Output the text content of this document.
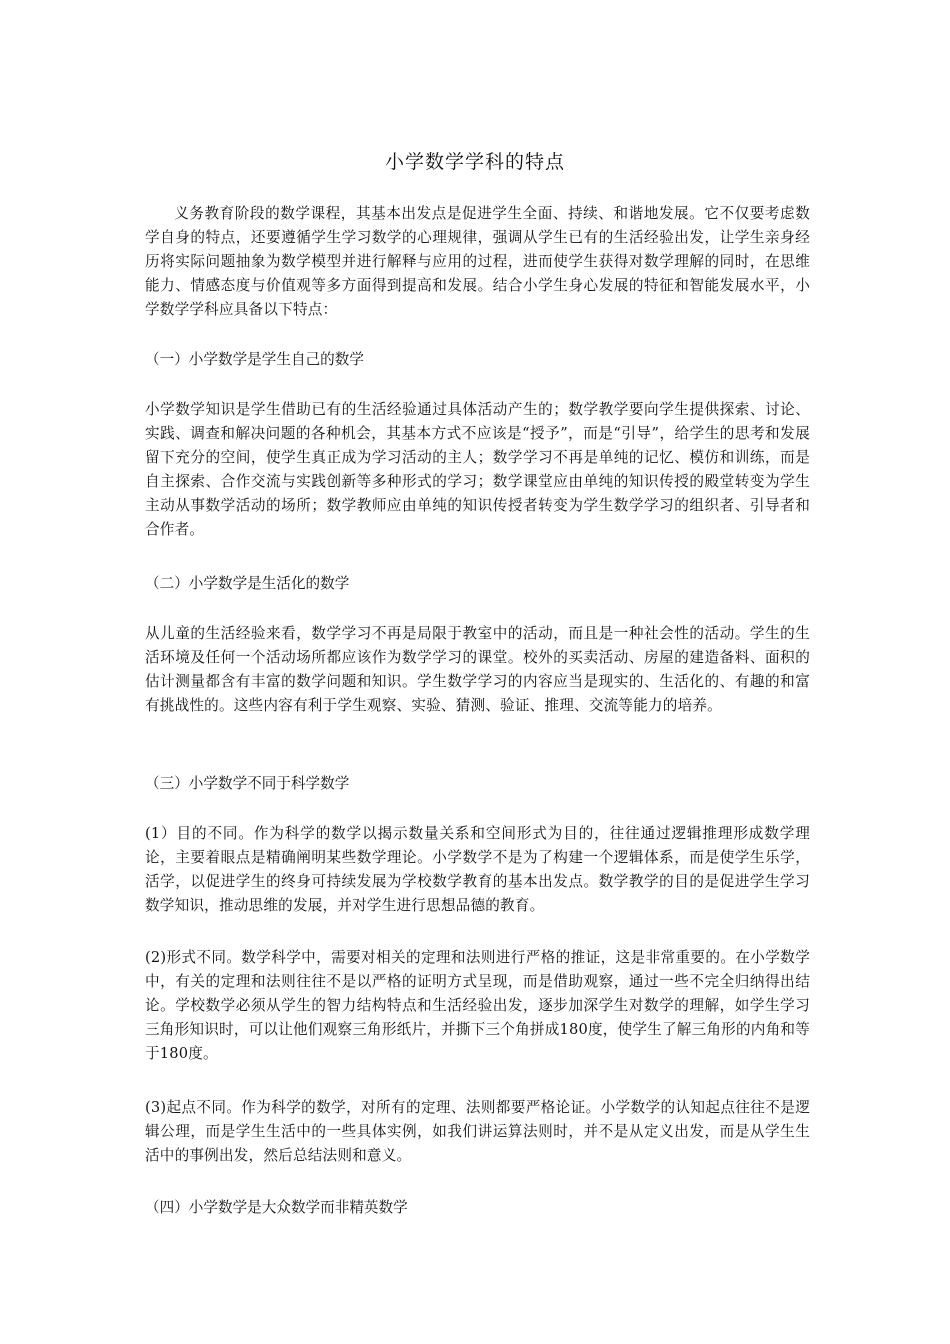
小学数学学科的特点

义务教育阶段的数学课程，其基本出发点是促进学生全面、持续、和谐地发展。它不仅要考虑数学自身的特点，还要遵循学生学习数学的心理规律，强调从学生已有的生活经验出发，让学生亲身经历将实际问题抽象为数学模型并进行解释与应用的过程，进而使学生获得对数学理解的同时，在思维能力、情感态度与价值观等多方面得到提高和发展。结合小学生身心发展的特征和智能发展水平，小学数学学科应具备以下特点：

（一）小学数学是学生自己的数学

小学数学知识是学生借助已有的生活经验通过具体活动产生的；数学教学要向学生提供探索、讨论、实践、调查和解决问题的各种机会，其基本方式不应该是“授予”，而是“引导”，给学生的思考和发展留下充分的空间，使学生真正成为学习活动的主人；数学学习不再是单纯的记忆、模仿和训练，而是自主探索、合作交流与实践创新等多种形式的学习；数学课堂应由单纯的知识传授的殿堂转变为学生主动从事数学活动的场所；数学教师应由单纯的知识传授者转变为学生数学学习的组织者、引导者和合作者。

（二）小学数学是生活化的数学

从儿童的生活经验来看，数学学习不再是局限于教室中的活动，而且是一种社会性的活动。学生的生活环境及任何一个活动场所都应该作为数学学习的课堂。校外的买卖活动、房屋的建造备料、面积的估计测量都含有丰富的数学问题和知识。学生数学学习的内容应当是现实的、生活化的、有趣的和富有挑战性的。这些内容有利于学生观察、实验、猜测、验证、推理、交流等能力的培养。

（三）小学数学不同于科学数学

(1）目的不同。作为科学的数学以揭示数量关系和空间形式为目的，往往通过逻辑推理形成数学理论，主要着眼点是精确阐明某些数学理论。小学数学不是为了构建一个逻辑体系，而是使学生乐学，活学，以促进学生的终身可持续发展为学校数学教育的基本出发点。数学教学的目的是促进学生学习数学知识，推动思维的发展，并对学生进行思想品德的教育。

(2)形式不同。数学科学中，需要对相关的定理和法则进行严格的推证，这是非常重要的。在小学数学中，有关的定理和法则往往不是以严格的证明方式呈现，而是借助观察，通过一些不完全归纳得出结论。学校数学必须从学生的智力结构特点和生活经验出发，逐步加深学生对数学的理解，如学生学习三角形知识时，可以让他们观察三角形纸片，并撕下三个角拼成180度，使学生了解三角形的内角和等于180度。

(3)起点不同。作为科学的数学，对所有的定理、法则都要严格论证。小学数学的认知起点往往不是逻辑公理，而是学生生活中的一些具体实例，如我们讲运算法则时，并不是从定义出发，而是从学生生活中的事例出发，然后总结法则和意义。

（四）小学数学是大众数学而非精英数学
